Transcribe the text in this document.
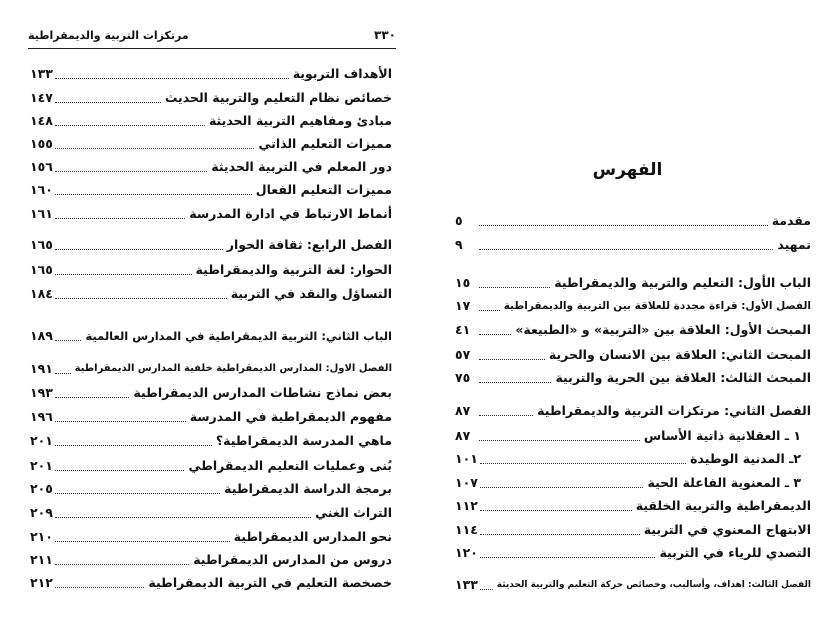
مرتكزات التربية والديمقراطية	٣٣٠
الأهداف التربوية
١٣٣
خصائص نظام التعليم والتربية الحديث
١٤٧
مبادئ ومفاهيم التربية الحديثة
١٤٨
مميزات التعليم الذاتي
١٥٥
دور المعلم في التربية الحديثة
١٥٦
مميزات التعليم الفعال
١٦٠
أنماط الارتباط في ادارة المدرسة
١٦١
الفصل الرابع: ثقافة الحوار
١٦٥
الحوار: لغة التربية والديمقراطية
١٦٥
التساؤل والنقد في التربية
١٨٤
الباب الثاني: التربية الديمقراطية في المدارس العالمية
١٨٩
الفصل الاول: المدارس الديمقراطية خلفية المدارس الديمقراطية
١٩١
بعض نماذج نشاطات المدارس الديمقراطية
١٩٣
مفهوم الديمقراطية في المدرسة
١٩٦
ماهي المدرسة الديمقراطية؟
٢٠١
بُنى وعمليات التعليم الديمقراطي
٢٠١
برمجة الدراسة الديمقراطية
٢٠٥
التراث الغني
٢٠٩
نحو المدارس الديمقراطية
٢١٠
دروس من المدارس الديمقراطية
٢١١
خصخصة التعليم في التربية الديمقراطية
٢١٢
الفهرس
مقدمة
٥
تمهيد
٩
الباب الأول: التعليم والتربية والديمقراطية
١٥
الفصل الأول: قراءة مجددة للعلاقة بين التربية والديمقراطية
١٧
المبحث الأول: العلاقة بين «التربية» و «الطبيعة»
٤١
المبحث الثاني: العلاقة بين الانسان والحرية
٥٧
المبحث الثالث: العلاقة بين الحرية والتربية
٧٥
الفصل الثاني: مرتكزات التربية والديمقراطية
٨٧
١ ـ العقلانية ذاتية الأساس
٨٧
٢ـ المدنية الوطيدة
١٠١
٣ ـ المعنوية الفاعلة الحية
١٠٧
الديمقراطية والتربية الخلقية
١١٢
الابتهاج المعنوي في التربية
١١٤
التصدي للرياء في التربية
١٢٠
الفصل الثالث: اهداف، وأساليب، وخصائص حركة التعليم والتربية الحديثة
١٣٣
